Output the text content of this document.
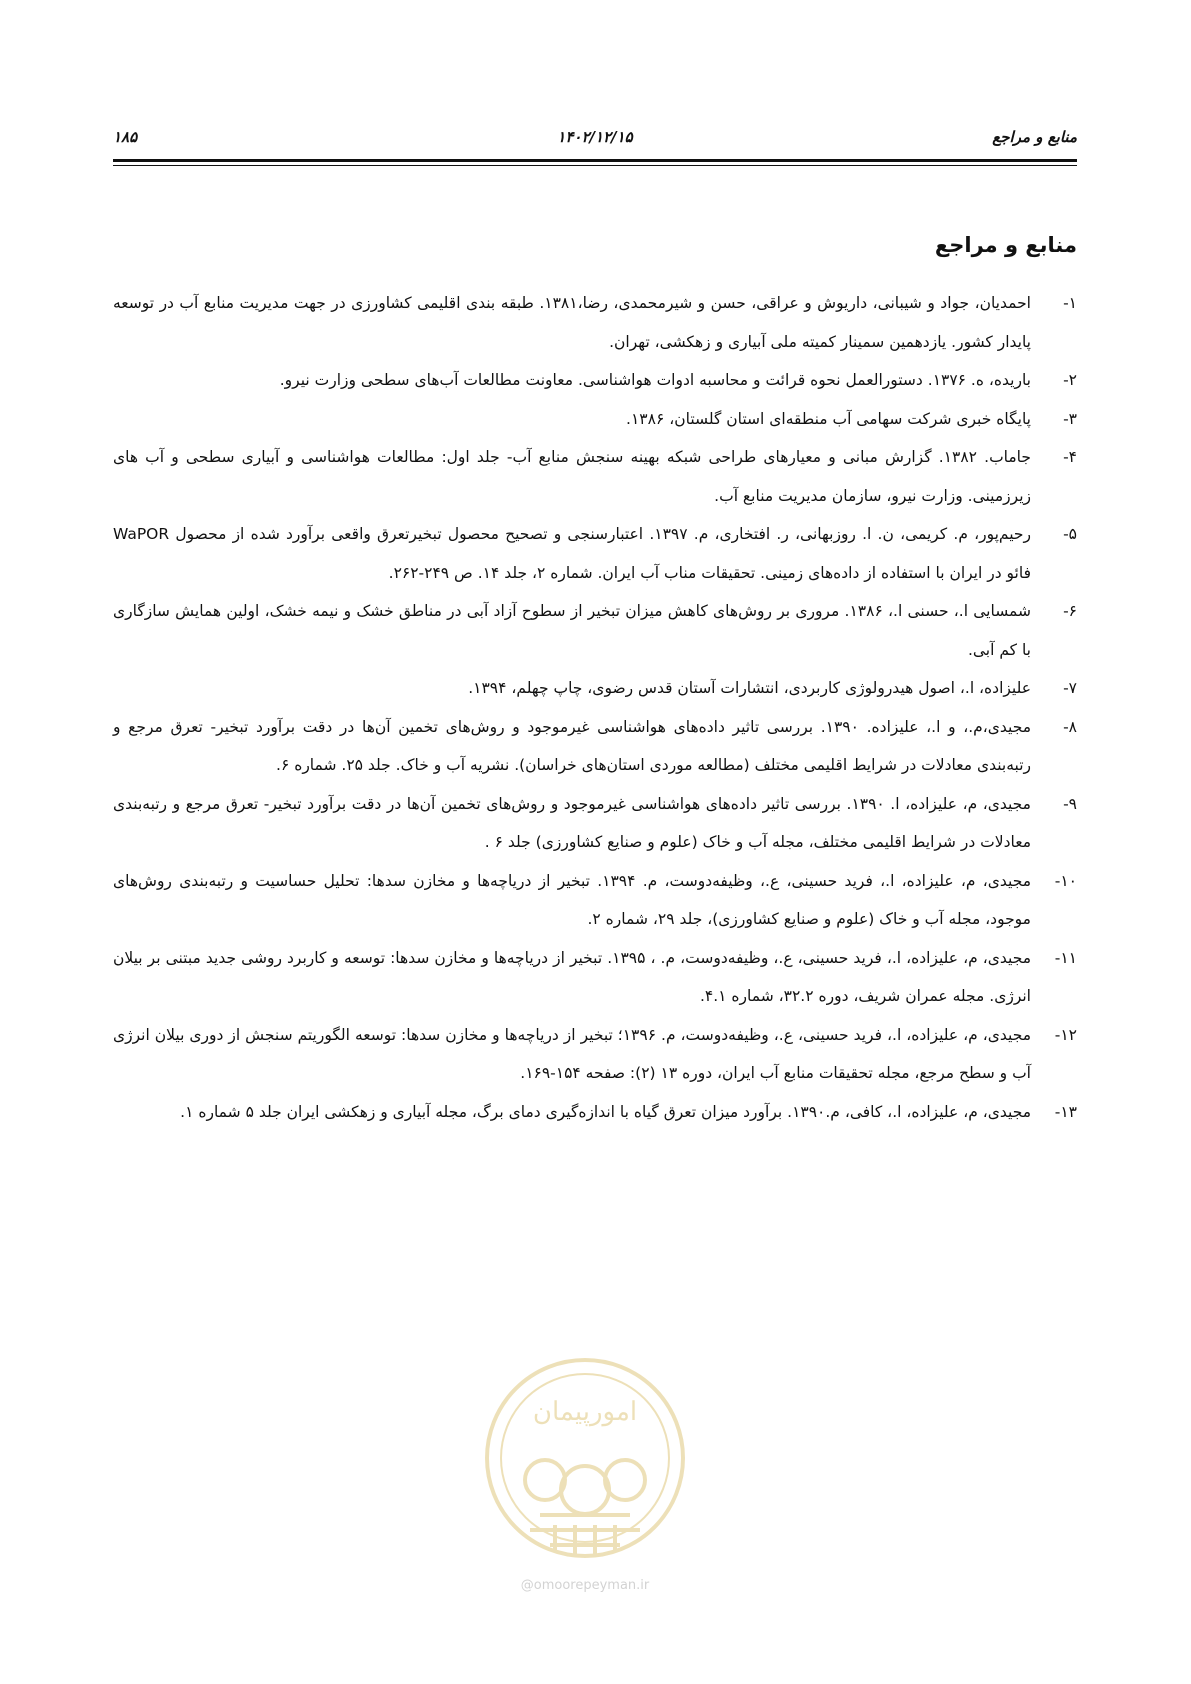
منابع و مراجع
۱۴۰۲/۱۲/۱۵
۱۸۵
منابع و مراجع
۱-
احمدیان، جواد و شیبانی، داریوش و عراقی، حسن و شیرمحمدی، رضا،۱۳۸۱. طبقه بندی اقلیمی کشاورزی در جهت مدیریت منابع آب در توسعه پایدار کشور. یازدهمین سمینار کمیته ملی آبیاری و زهکشی، تهران.
۲-
باریده، ه. ۱۳۷۶. دستورالعمل نحوه قرائت و محاسبه ادوات هواشناسی. معاونت مطالعات آب‌های سطحی وزارت نیرو.
۳-
پایگاه خبری شرکت سهامی آب منطقه‌ای استان گلستان، ۱۳۸۶.
۴-
جاماب. ۱۳۸۲. گزارش مبانی و معیارهای طراحی شبکه بهینه سنجش منابع آب- جلد اول: مطالعات هواشناسی و آبیاری سطحی و آب های زیرزمینی. وزارت نیرو، سازمان مدیریت منابع آب.
۵-
رحیم‌پور، م. کریمی، ن. ا. روزبهانی، ر. افتخاری، م. ۱۳۹۷. اعتبارسنجی و تصحیح محصول تبخیرتعرق واقعی برآورد شده از محصول WaPOR فائو در ایران با استفاده از داده‌های زمینی. تحقیقات مناب آب ایران. شماره ۲، جلد ۱۴. ص ۲۴۹-۲۶۲.
۶-
شمسایی ا.، حسنی ا.، ۱۳۸۶. مروری بر روش‌های کاهش میزان تبخیر از سطوح آزاد آبی در مناطق خشک و نیمه خشک، اولین همایش سازگاری با کم آبی.
۷-
علیزاده، ا.، اصول هیدرولوژی کاربردی، انتشارات آستان قدس رضوی، چاپ چهلم، ۱۳۹۴.
۸-
مجیدی،م.، و ا.، علیزاده. ۱۳۹۰. بررسی تاثیر داده‌های هواشناسی غیرموجود و روش‌های تخمین آن‌ها در دقت برآورد تبخیر- تعرق مرجع و رتبه‌بندی معادلات در شرایط اقلیمی مختلف (مطالعه موردی استان‌های خراسان). نشریه آب و خاک. جلد ۲۵. شماره ۶.
۹-
مجیدی، م، علیزاده، ا. ۱۳۹۰. بررسی تاثیر داده‌های هواشناسی غیرموجود و روش‌های تخمین آن‌ها در دقت برآورد تبخیر- تعرق مرجع و رتبه‌بندی معادلات در شرایط اقلیمی مختلف، مجله آب و خاک (علوم و صنایع کشاورزی) جلد ۶ .
۱۰-
مجیدی، م، علیزاده، ا.، فرید حسینی، ع.، وظیفه‌دوست، م. ۱۳۹۴. تبخیر از دریاچه‌ها و مخازن سدها: تحلیل حساسیت و رتبه‌بندی روش‌های موجود، مجله آب و خاک (علوم و صنایع کشاورزی)، جلد ۲۹، شماره ۲.
۱۱-
مجیدی، م، علیزاده، ا.، فرید حسینی، ع.، وظیفه‌دوست، م. ، ۱۳۹۵. تبخیر از دریاچه‌ها و مخازن سدها: توسعه و کاربرد روشی جدید مبتنی بر بیلان انرژی. مجله عمران شریف، دوره ۳۲.۲، شماره ۴.۱.
۱۲-
مجیدی، م، علیزاده، ا.، فرید حسینی، ع.، وظیفه‌دوست، م. ۱۳۹۶؛ تبخیر از دریاچه‌ها و مخازن سدها: توسعه الگوریتم سنجش از دوری بیلان انرژی آب و سطح مرجع، مجله تحقیقات منابع آب ایران، دوره ۱۳ (۲): صفحه ۱۵۴-۱۶۹.
۱۳-
مجیدی، م، علیزاده، ا.، کافی، م.۱۳۹۰. برآورد میزان تعرق گیاه با اندازه‌گیری دمای برگ، مجله آبیاری و زهکشی ایران جلد ۵ شماره ۱.
امورپیمان
@omoorepeyman.ir
